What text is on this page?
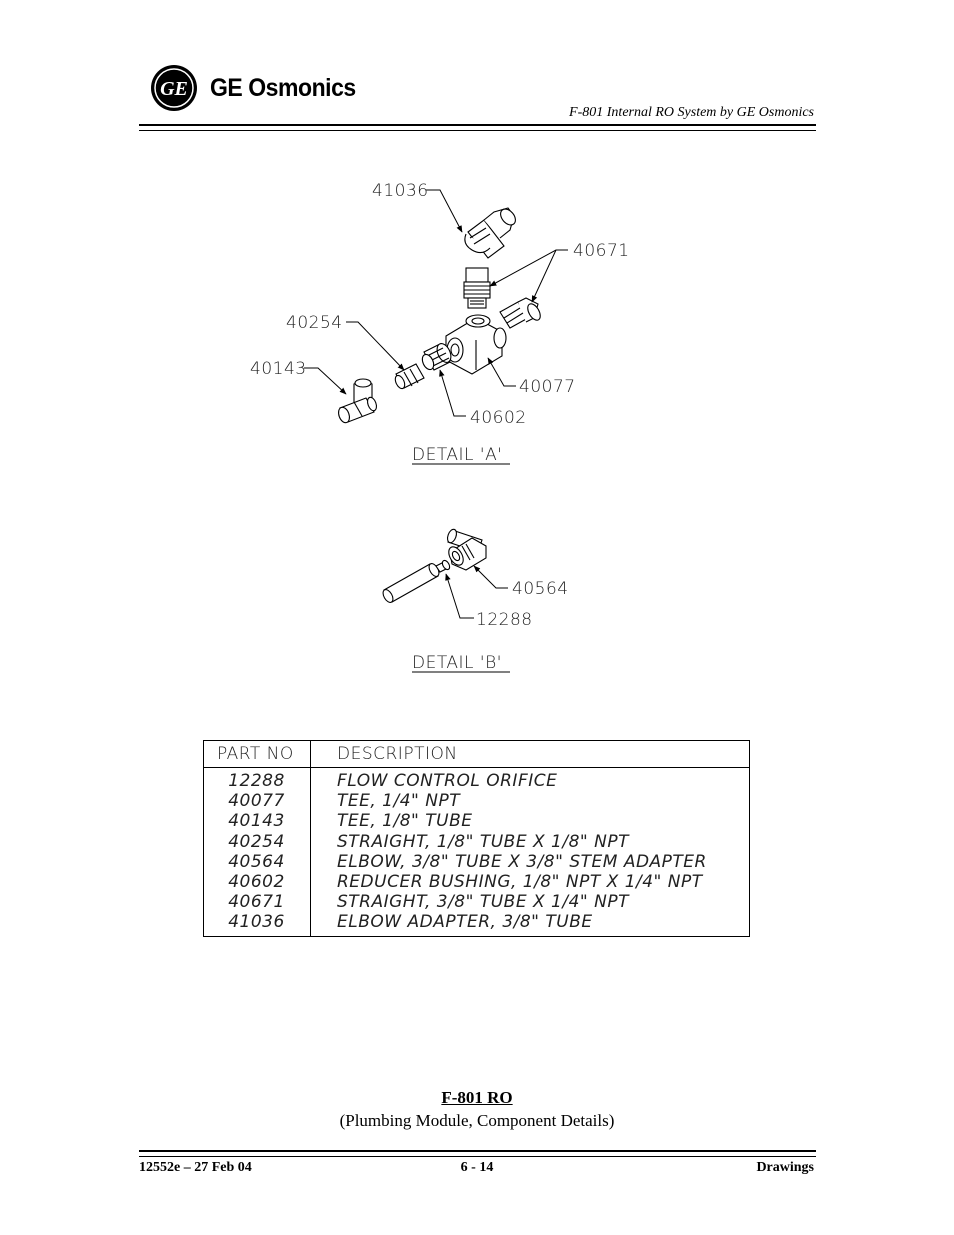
GE GE Osmonics
F-801 Internal RO System by GE Osmonics
41036
40671
40254
40143
40077
40602
DETAIL 'A'
40564
12288
DETAIL 'B'
PART NO	DESCRIPTION
12288	FLOW CONTROL ORIFICE
40077	TEE, 1/4" NPT
40143	TEE, 1/8" TUBE
40254	STRAIGHT, 1/8" TUBE X 1/8" NPT
40564	ELBOW, 3/8" TUBE X 3/8" STEM ADAPTER
40602	REDUCER BUSHING, 1/8" NPT X 1/4" NPT
40671	STRAIGHT, 3/8" TUBE X 1/4" NPT
41036	ELBOW ADAPTER, 3/8" TUBE
F-801 RO
(Plumbing Module, Component Details)
12552e – 27 Feb 04	6 - 14	Drawings
